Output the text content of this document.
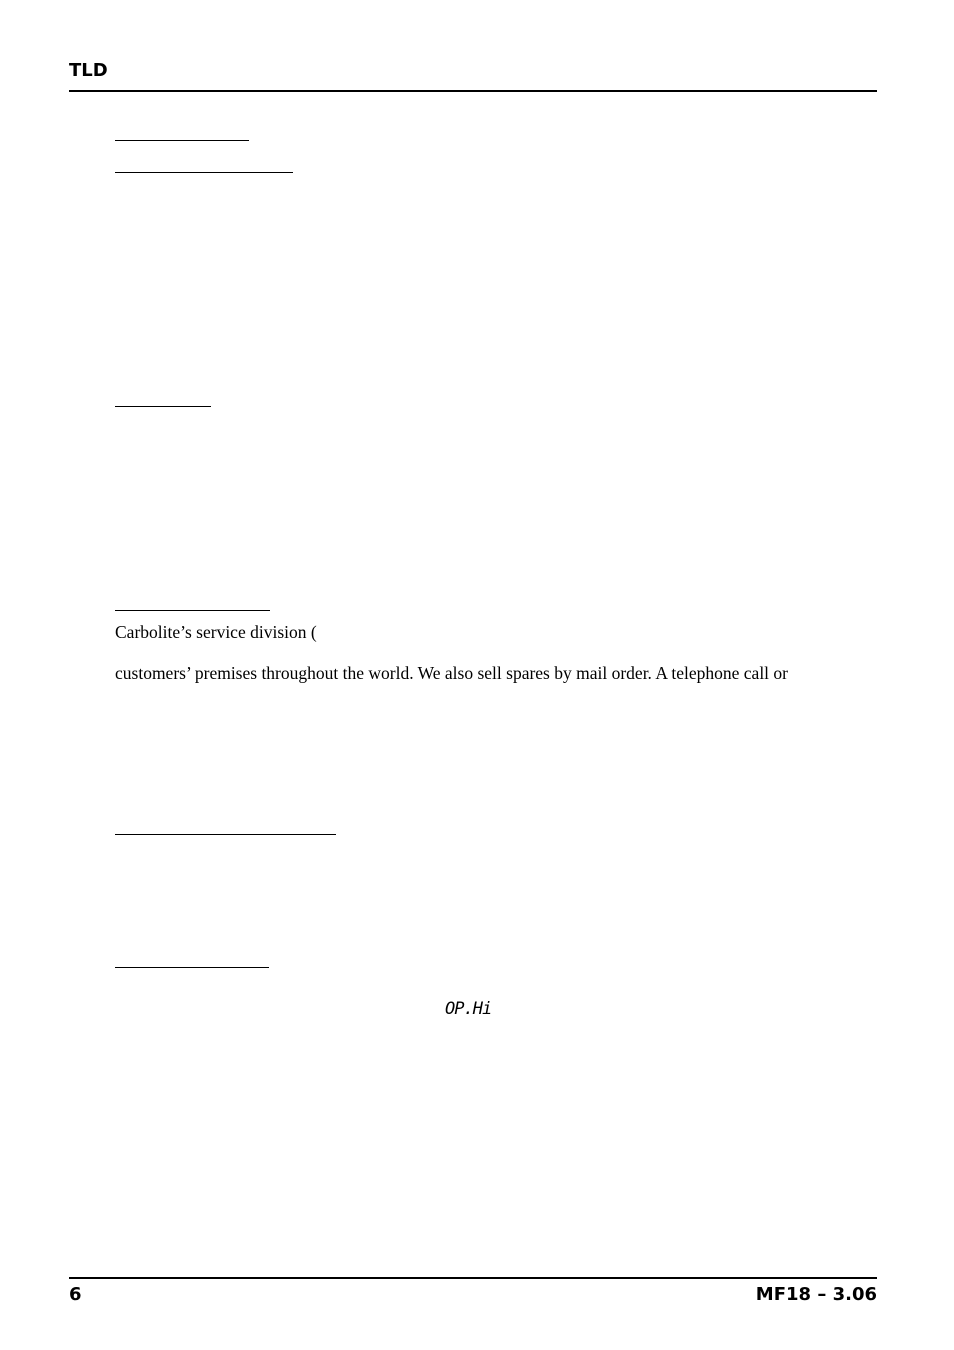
TLD
Carbolite’s service division (
customers’ premises throughout the world. We also sell spares by mail order. A telephone call or
OP.Hi
6	MF18 – 3.06
